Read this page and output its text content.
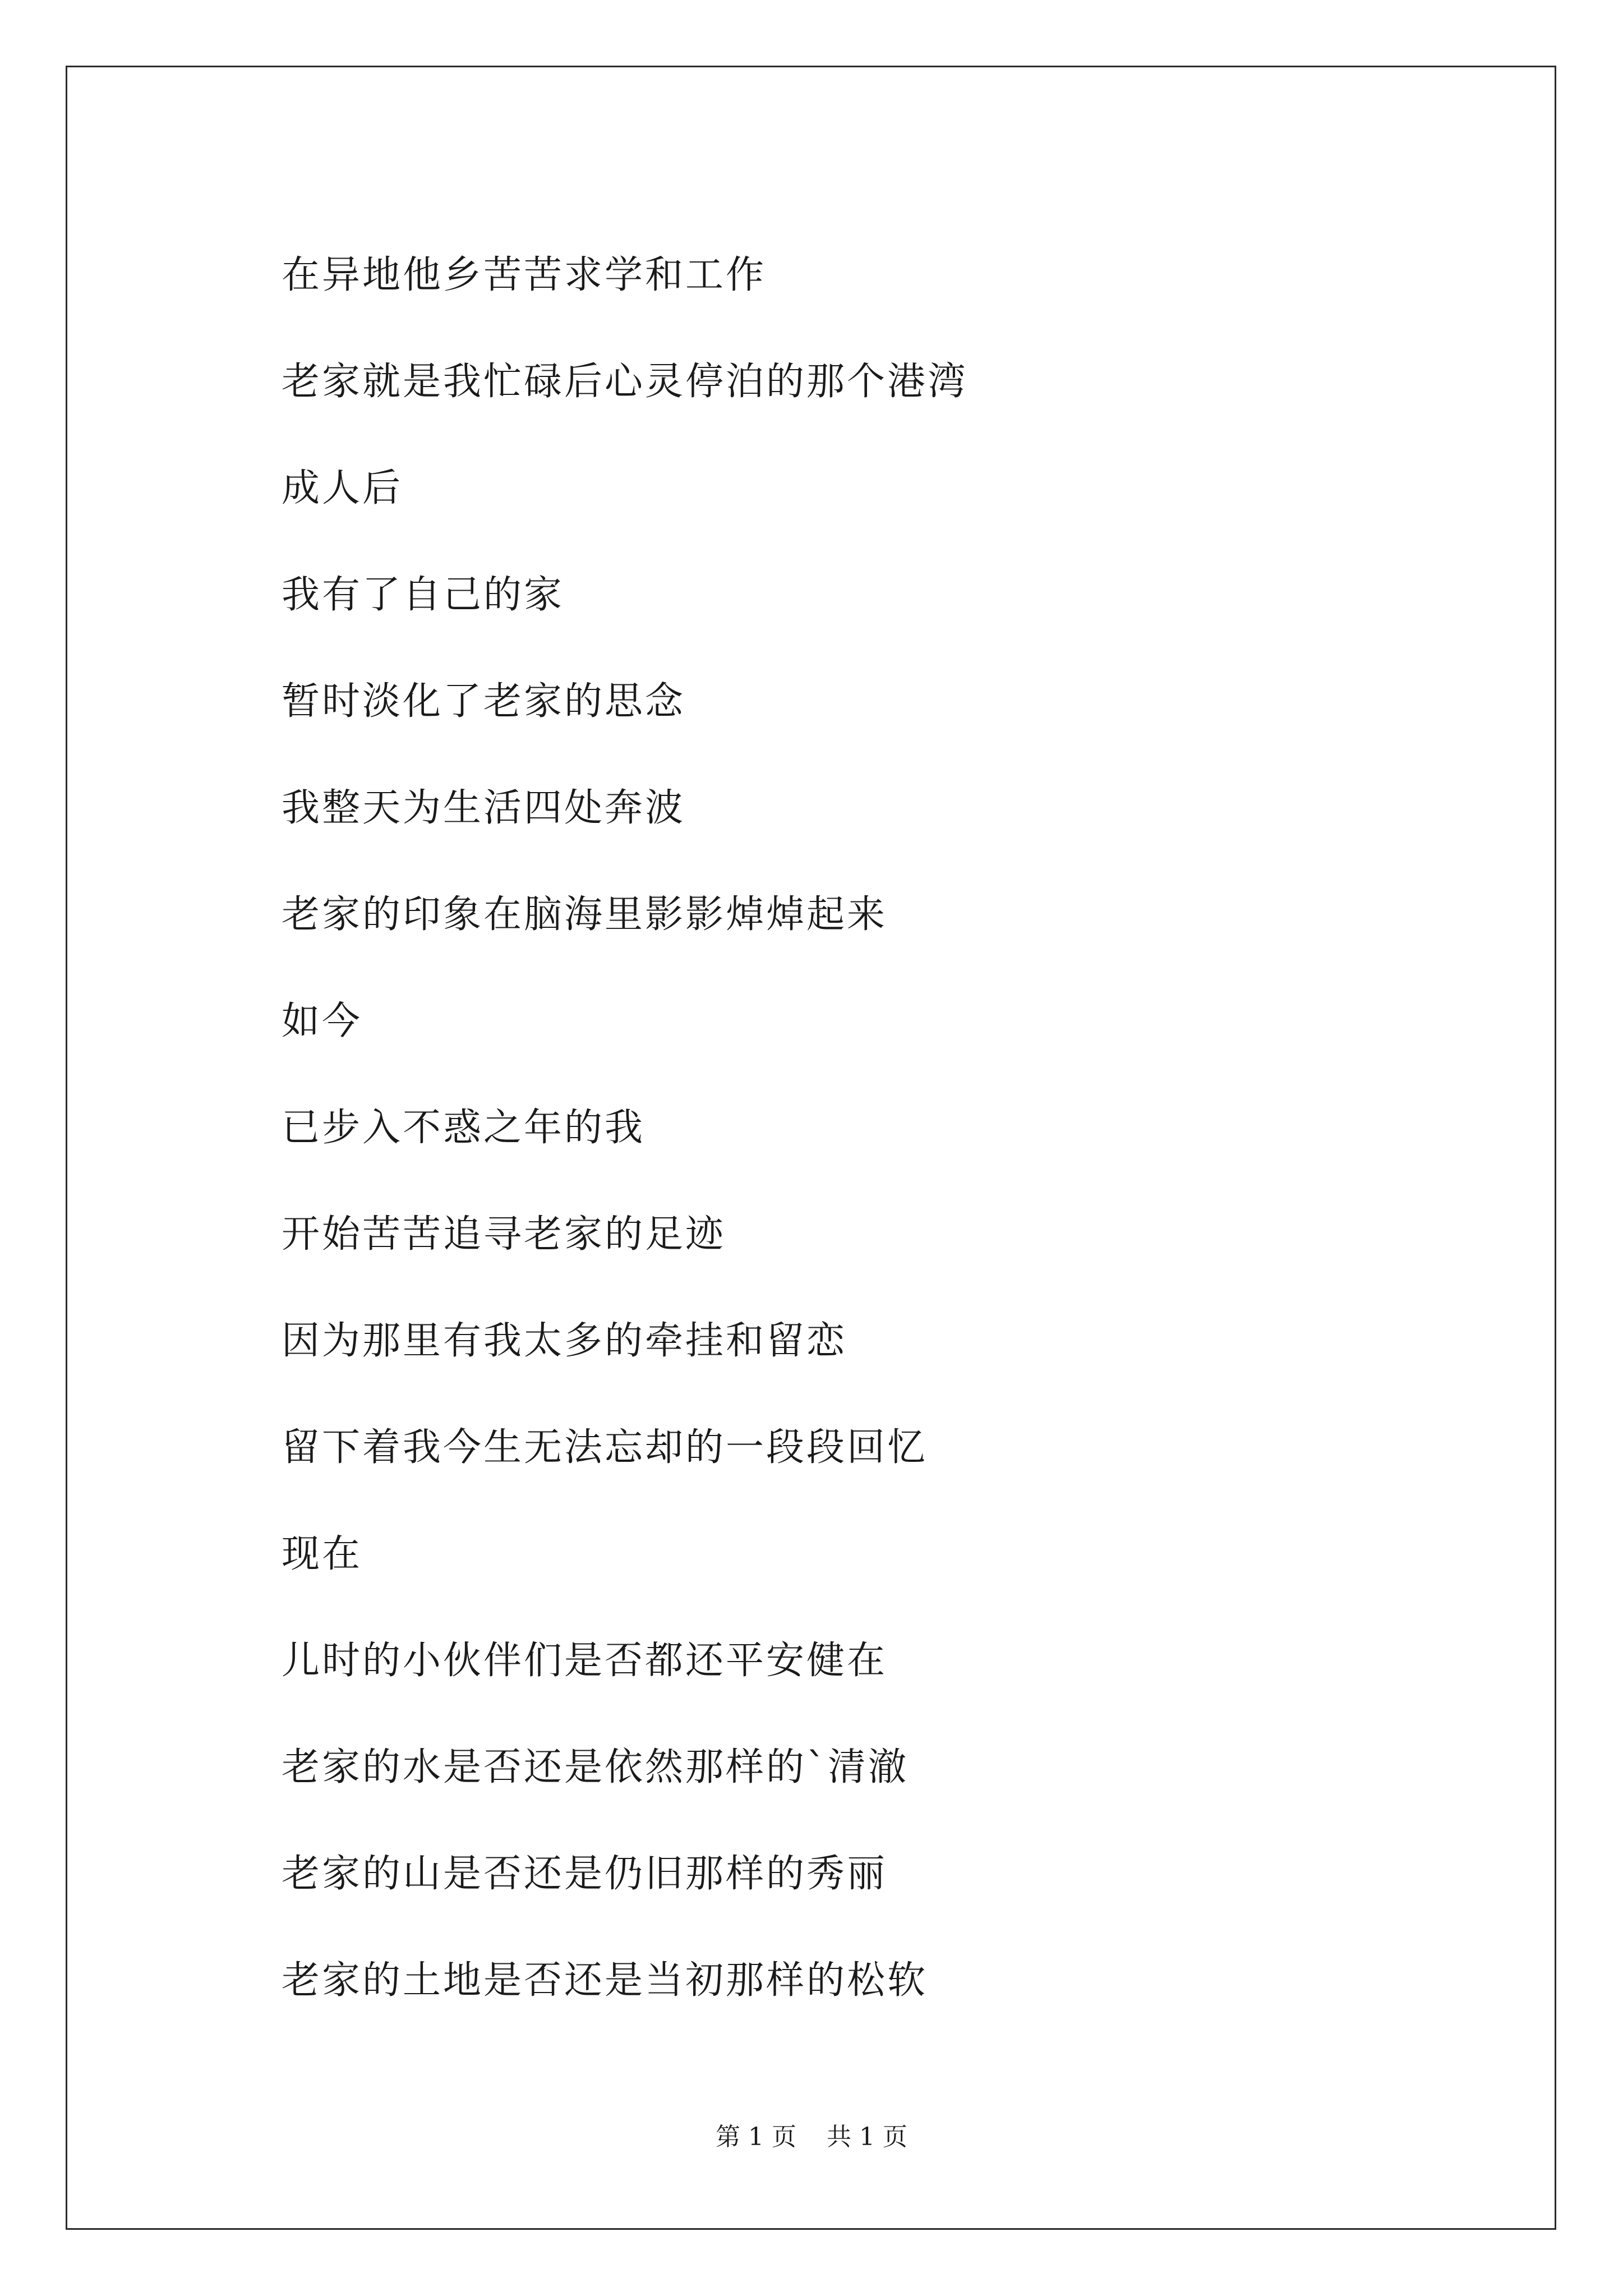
在异地他乡苦苦求学和工作

老家就是我忙碌后心灵停泊的那个港湾

成人后

我有了自己的家

暂时淡化了老家的思念

我整天为生活四处奔波

老家的印象在脑海里影影焯焯起来

如今

已步入不惑之年的我

开始苦苦追寻老家的足迹

因为那里有我太多的牵挂和留恋

留下着我今生无法忘却的一段段回忆

现在

儿时的小伙伴们是否都还平安健在

老家的水是否还是依然那样的`清澈

老家的山是否还是仍旧那样的秀丽

老家的土地是否还是当初那样的松软

第 1 页 共 1 页
